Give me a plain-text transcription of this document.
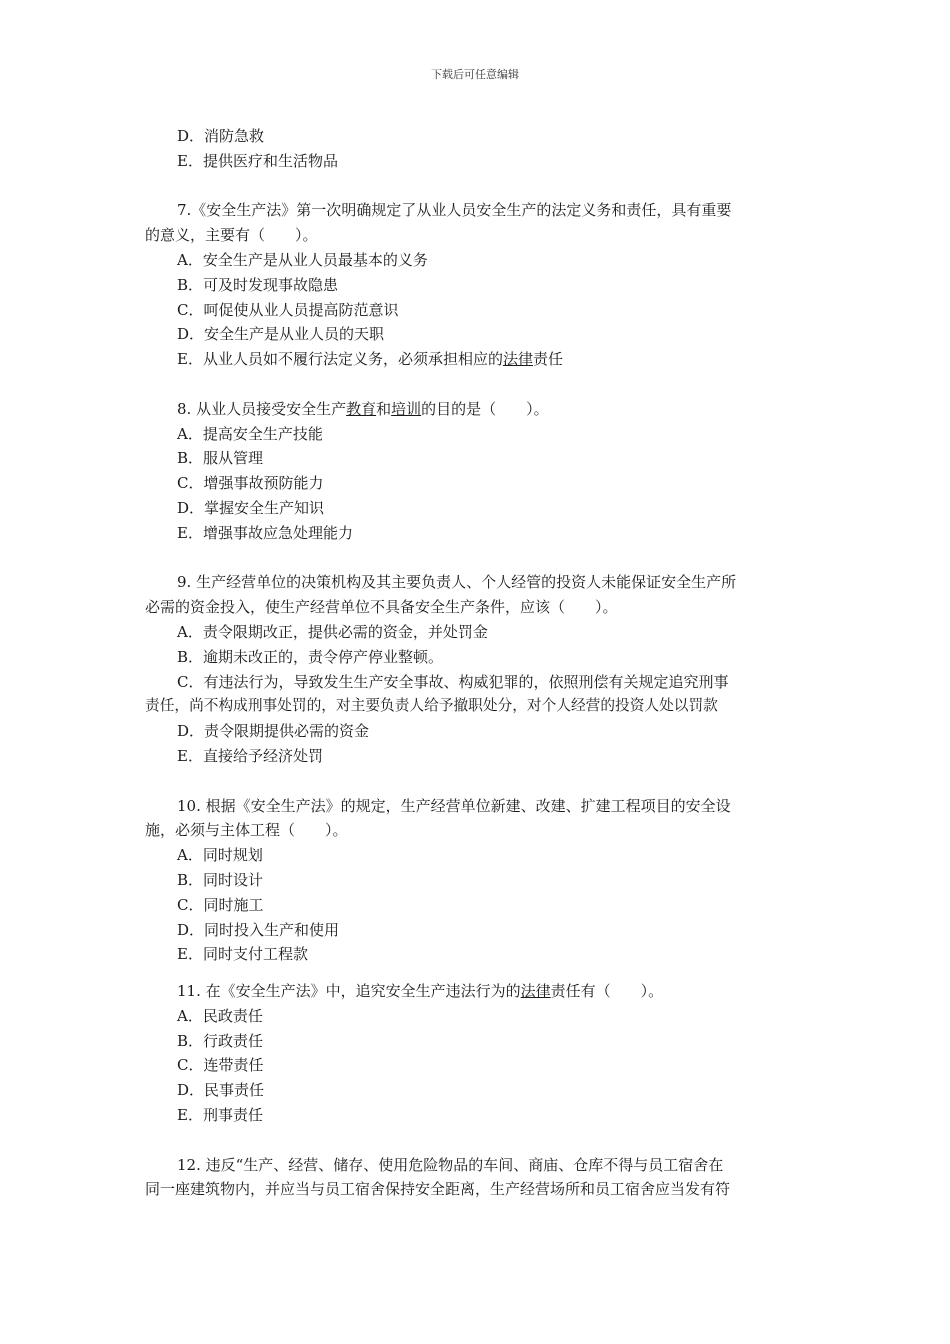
下载后可任意编辑

D．消防急救

E．提供医疗和生活物品

7.《安全生产法》第一次明确规定了从业人员安全生产的法定义务和责任，具有重要

的意义，主要有（　　）。

A．安全生产是从业人员最基本的义务

B．可及时发现事故隐患

C．呵促使从业人员提高防范意识

D．安全生产是从业人员的天职

E．从业人员如不履行法定义务，必须承担相应的法律责任

8. 从业人员接受安全生产教育和培训的目的是（　　）。

A．提高安全生产技能

B．服从管理

C．增强事故预防能力

D．掌握安全生产知识

E．增强事故应急处理能力

9. 生产经营单位的决策机构及其主要负责人、个人经管的投资人未能保证安全生产所

必需的资金投入，使生产经营单位不具备安全生产条件，应该（　　）。

A．责令限期改正，提供必需的资金，并处罚金

B．逾期未改正的，责令停产停业整顿。

C．有违法行为，导致发生生产安全事故、构威犯罪的，依照刑偿有关规定追究刑事

责任，尚不构成刑事处罚的，对主要负责人给予撤职处分，对个人经营的投资人处以罚款

D．责令限期提供必需的资金

E．直接给予经济处罚

10. 根据《安全生产法》的规定，生产经营单位新建、改建、扩建工程项目的安全设

施，必须与主体工程（　　）。

A．同时规划

B．同时设计

C．同时施工

D．同时投入生产和使用

E．同时支付工程款

11. 在《安全生产法》中，追究安全生产违法行为的法律责任有（　　）。

A．民政责任

B．行政责任

C．连带责任

D．民事责任

E．刑事责任

12. 违反“生产、经营、储存、使用危险物品的车间、商庙、仓库不得与员工宿舍在

同一座建筑物内，并应当与员工宿舍保持安全距离，生产经营场所和员工宿舍应当发有符
